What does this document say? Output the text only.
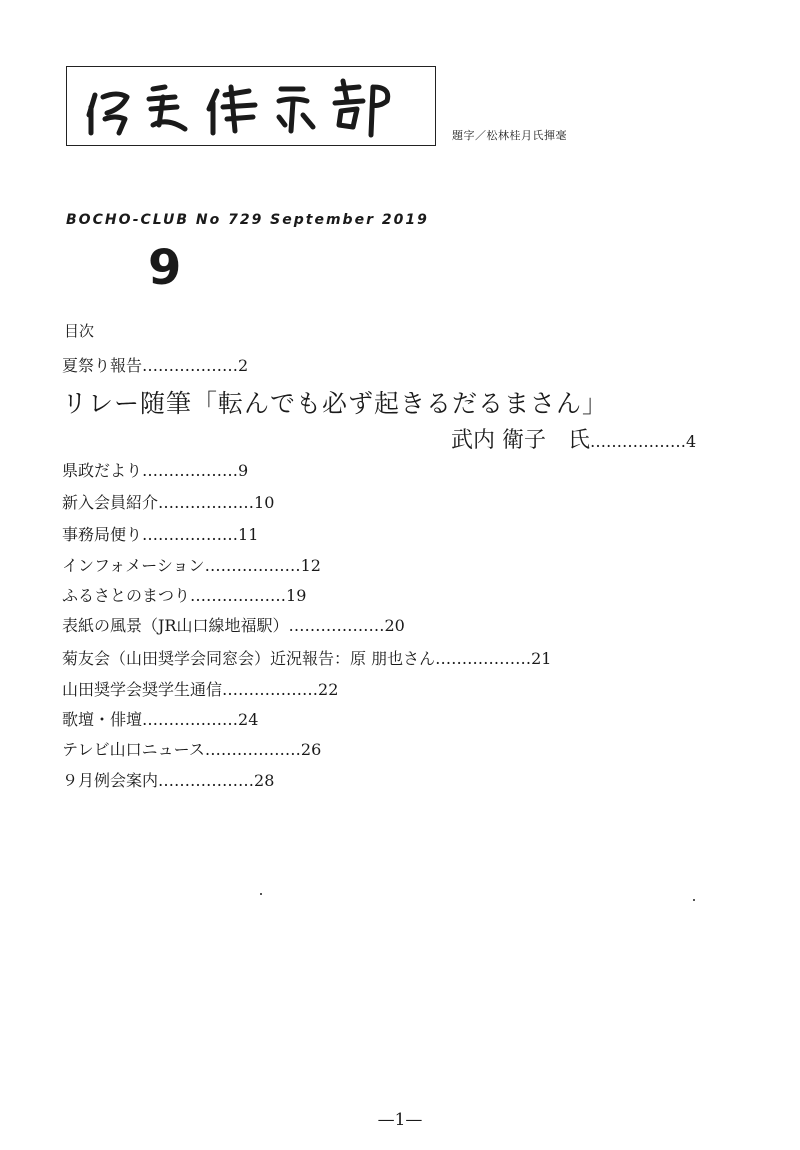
題字／松林桂月氏揮毫
BOCHO-CLUB No 729 September 2019
9
目次
夏祭り報告………………2
リレー随筆「転んでも必ず起きるだるまさん」
武内 衛子　氏………………4
県政だより………………9
新入会員紹介………………10
事務局便り………………11
インフォメーション………………12
ふるさとのまつり………………19
表紙の風景（JR山口線地福駅）………………20
菊友会（山田奨学会同窓会）近況報告：原 朋也さん………………21
山田奨学会奨学生通信………………22
歌壇・俳壇………………24
テレビ山口ニュース………………26
９月例会案内………………28
—1—
